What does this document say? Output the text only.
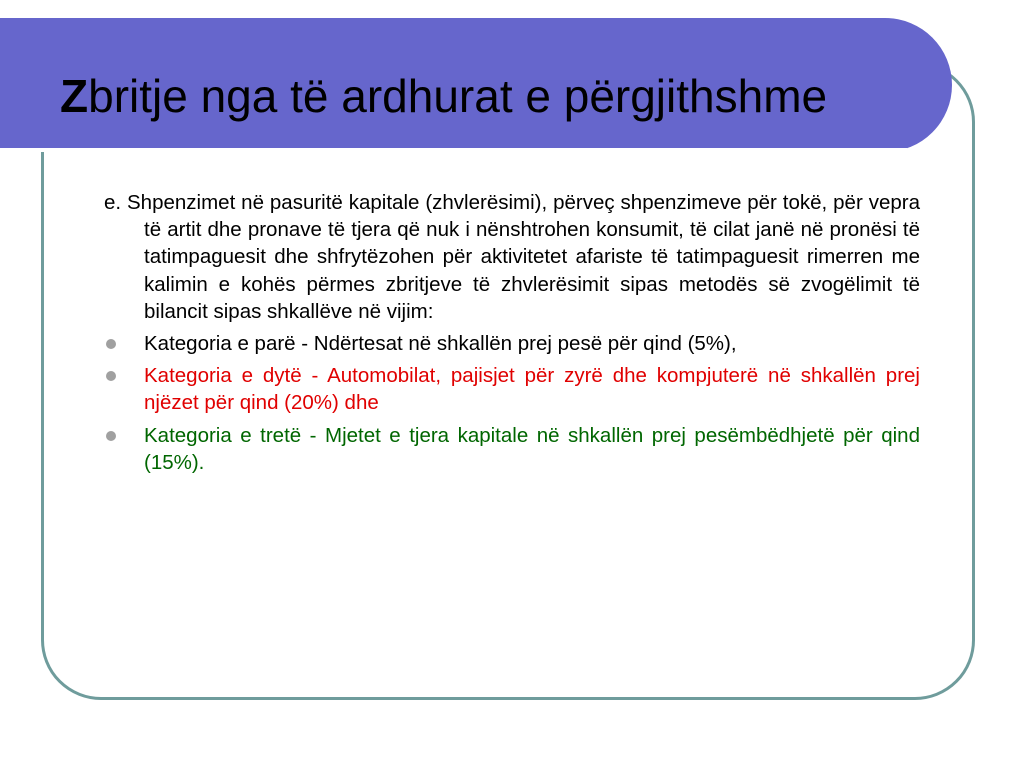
Zbritje nga të ardhurat e përgjithshme

e. Shpenzimet në pasuritë kapitale (zhvlerësimi), përveç shpenzimeve për tokë, për vepra të artit dhe pronave të tjera që nuk i nënshtrohen konsumit, të cilat janë në pronësi të tatimpaguesit dhe shfrytëzohen për aktivitetet afariste të tatimpaguesit rimerren me kalimin e kohës përmes zbritjeve të zhvlerësimit sipas metodës së zvogëlimit të bilancit sipas shkallëve në vijim:

Kategoria e parë - Ndërtesat në shkallën prej pesë për qind (5%),
Kategoria e dytë - Automobilat, pajisjet për zyrë dhe kompjuterë në shkallën prej njëzet për qind (20%) dhe
Kategoria e tretë - Mjetet e tjera kapitale në shkallën prej pesëmbëdhjetë për qind (15%).
